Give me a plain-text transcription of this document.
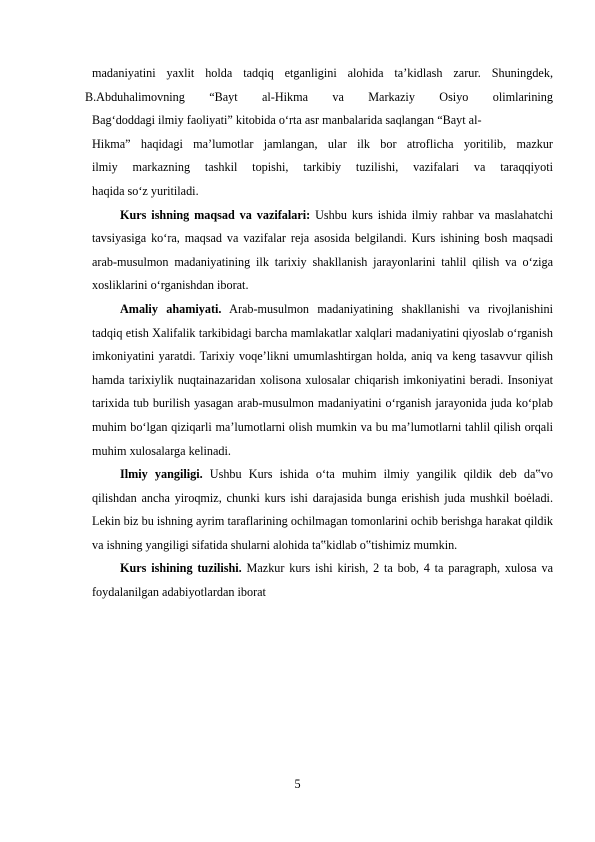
madaniyatini yaxlit holda tadqiq etganligini alohida ta’kidlash zarur. Shuningdek,
B.Abduhalimovning “Bayt al-Hikma va Markaziy Osiyo olimlarining
Bag‘doddagi ilmiy faoliyati” kitobida o‘rta asr manbalarida saqlangan “Bayt al-
Hikma” haqidagi ma’lumotlar jamlangan, ular ilk bor atroflicha yoritilib, mazkur
ilmiy markazning tashkil topishi, tarkibiy tuzilishi, vazifalari va taraqqiyoti
haqida so‘z yuritiladi.

Kurs ishning maqsad va vazifalari: Ushbu kurs ishida ilmiy rahbar va maslahatchi tavsiyasiga ko‘ra, maqsad va vazifalar reja asosida belgilandi. Kurs ishining bosh maqsadi arab-musulmon madaniyatining ilk tarixiy shakllanish jarayonlarini tahlil qilish va o‘ziga xosliklarini o‘rganishdan iborat.

Amaliy ahamiyati. Arab-musulmon madaniyatining shakllanishi va rivojlanishini tadqiq etish Xalifalik tarkibidagi barcha mamlakatlar xalqlari madaniyatini qiyoslab o‘rganish imkoniyatini yaratdi. Tarixiy voqe’likni umumlashtirgan holda, aniq va keng tasavvur qilish hamda tarixiylik nuqtainazaridan xolisona xulosalar chiqarish imkoniyatini beradi. Insoniyat tarixida tub burilish yasagan arab-musulmon madaniyatini o‘rganish jarayonida juda ko‘plab muhim bo‘lgan qiziqarli ma’lumotlarni olish mumkin va bu ma’lumotlarni tahlil qilish orqali muhim xulosalarga kelinadi.

Ilmiy yangiligi. Ushbu Kurs ishida o‘ta muhim ilmiy yangilik qildik deb da‟vo qilishdan ancha yiroqmiz, chunki kurs ishi darajasida bunga erishish juda mushkil boėladi. Lekin biz bu ishning ayrim taraflarining ochilmagan tomonlarini ochib berishga harakat qildik va ishning yangiligi sifatida shularni alohida ta‟kidlab o‟tishimiz mumkin.

Kurs ishining tuzilishi. Mazkur kurs ishi kirish, 2 ta bob, 4 ta paragraph, xulosa va foydalanilgan adabiyotlardan iborat

5
